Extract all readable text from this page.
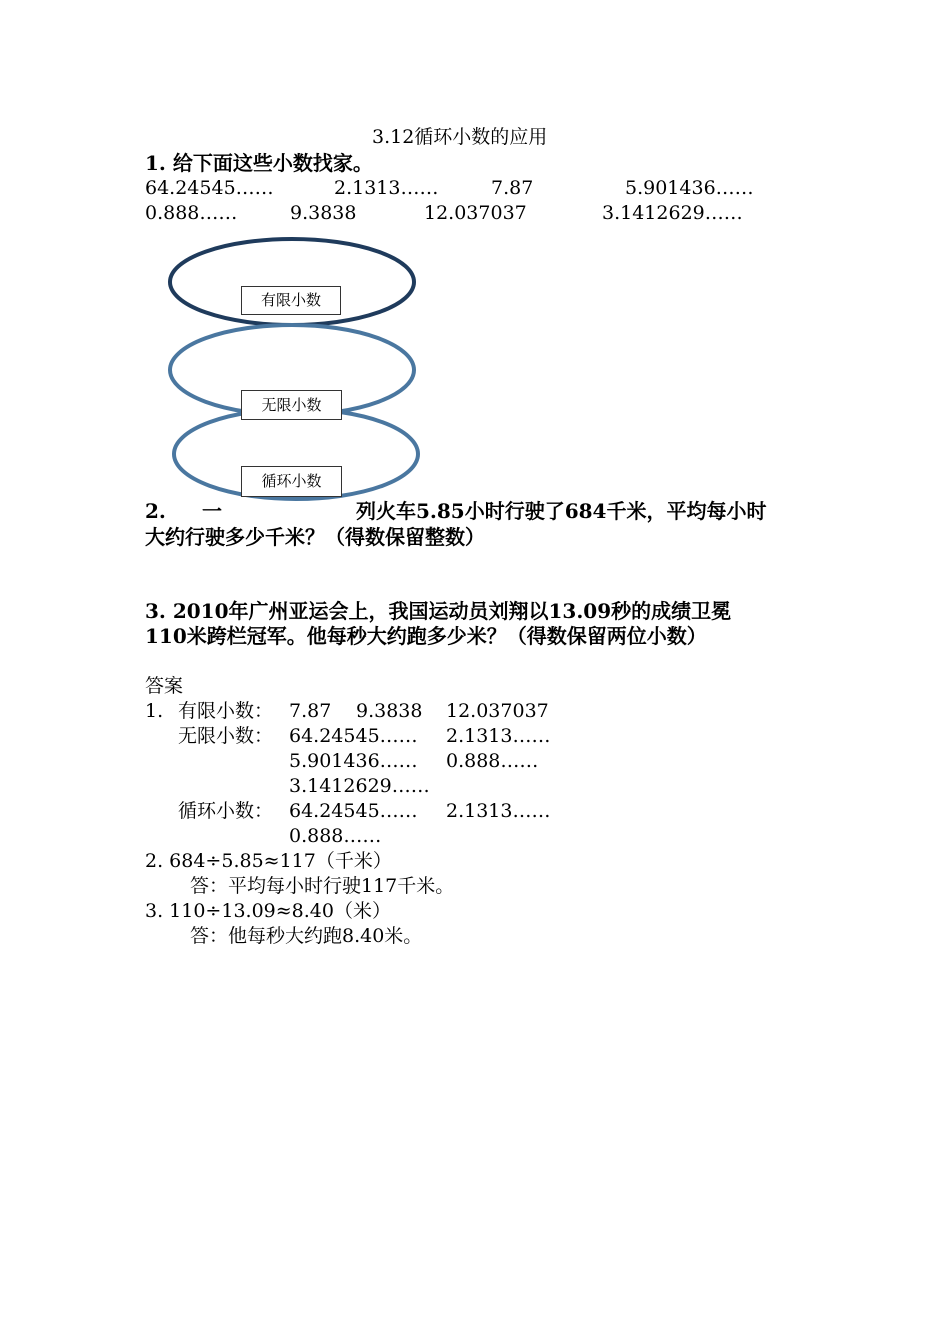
3.12循环小数的应用
1. 给下面这些小数找家。
64.24545……	2.1313……	7.87	5.901436……
0.888……	9.3838	12.037037	3.1412629……
有限小数
无限小数
循环小数
2. 一	列火车5.85小时行驶了684千米，平均每小时
大约行驶多少千米？（得数保留整数）
3. 2010年广州亚运会上，我国运动员刘翔以13.09秒的成绩卫冕
110米跨栏冠军。他每秒大约跑多少米？（得数保留两位小数）
答案
1. 有限小数： 7.87 9.3838 12.037037
无限小数： 64.24545…… 2.1313……
5.901436…… 0.888……
3.1412629……
循环小数： 64.24545…… 2.1313……
0.888……
2. 684÷5.85≈117（千米）
答：平均每小时行驶117千米。
3. 110÷13.09≈8.40（米）
答：他每秒大约跑8.40米。
